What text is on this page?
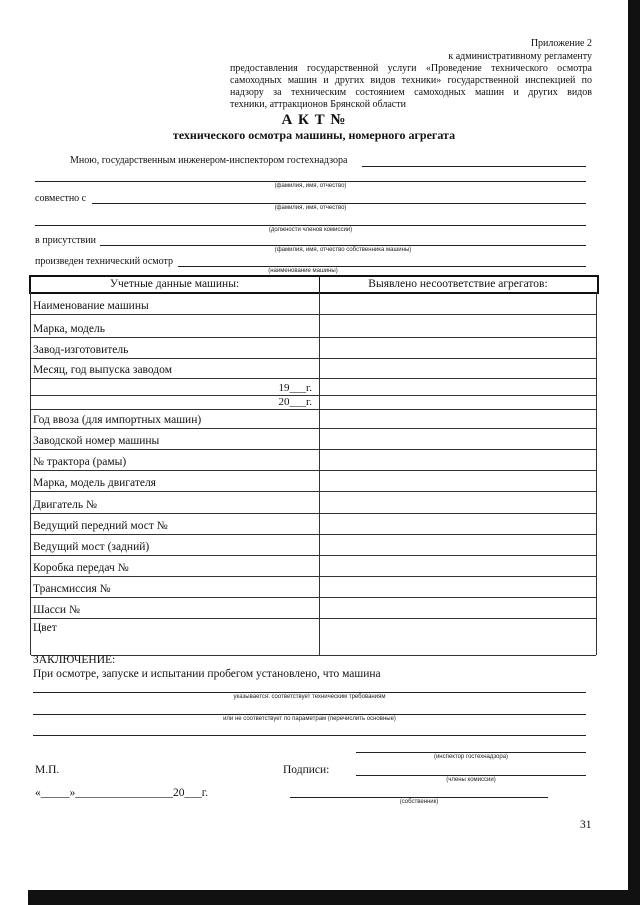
Приложение 2
к административному регламенту
предоставления государственной услуги «Проведение технического осмотра
самоходных машин и других видов техники» государственной инспекцией по
надзору за техническим состоянием самоходных машин и других видов
техники, аттракционов Брянской области
А К Т №
технического осмотра машины, номерного агрегата
Мною, государственным инженером-инспектором гостехнадзора
(фамилия, имя, отчество)
совместно с
(фамилия, имя, отчество)
(должности членов комиссии)
в присутствии
(фамилия, имя, отчество собственника машины)
произведен технический осмотр
(наименование машины)
Учетные данные машины:	Выявлено несоответствие агрегатов:
Наименование машины
Марка, модель
Завод-изготовитель
Месяц, год выпуска заводом
19___г.
20___г.
Год ввоза (для импортных машин)
Заводской номер машины
№ трактора (рамы)
Марка, модель двигателя
Двигатель №
Ведущий передний мост №
Ведущий мост (задний)
Коробка передач №
Трансмиссия №
Шасси №
Цвет
ЗАКЛЮЧЕНИЕ:
При осмотре, запуске и испытании пробегом установлено, что машина
указывается: соответствует техническим требованиям
или не соответствует по параметрам (перечислить основные)
(инспектор гостехнадзора)
М.П.	Подписи:
(члены комиссии)
«_____»_________________20___г.
(собственник)
31
